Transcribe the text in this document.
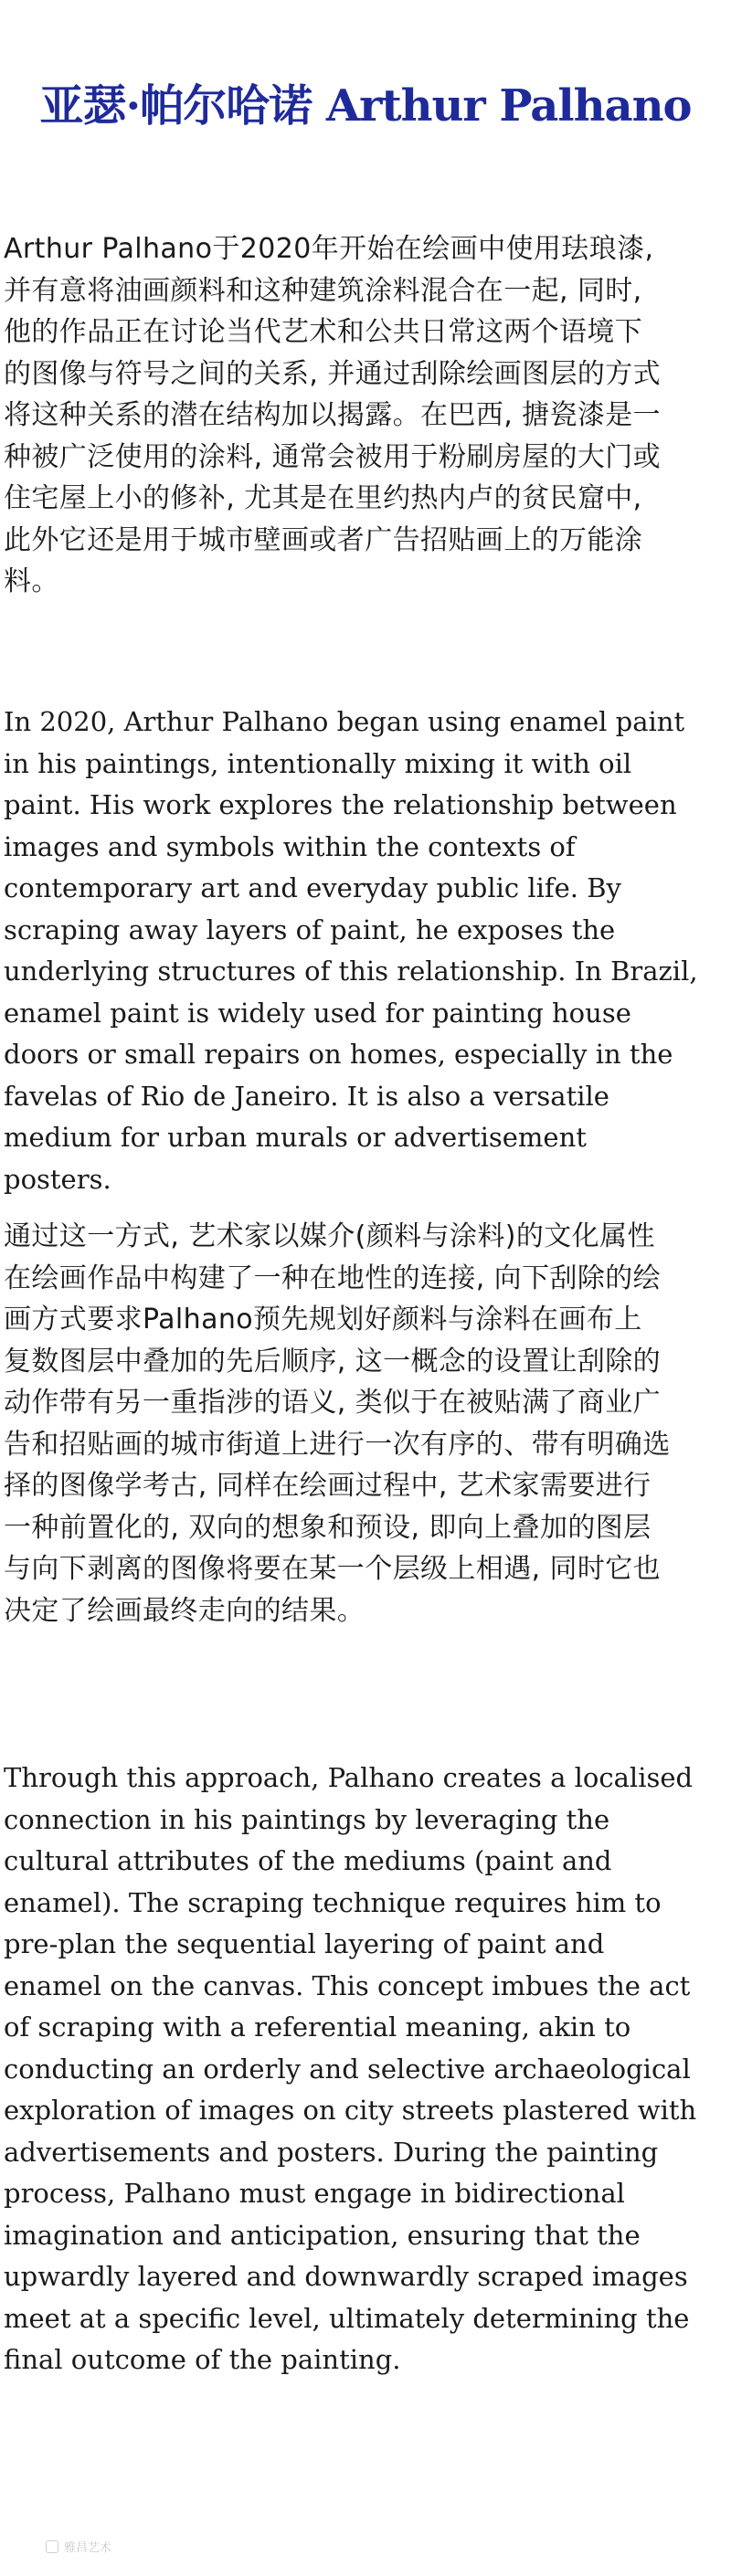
亚瑟·帕尔哈诺 Arthur Palhano
Arthur Palhano于2020年开始在绘画中使用珐琅漆,
并有意将油画颜料和这种建筑涂料混合在一起, 同时,
他的作品正在讨论当代艺术和公共日常这两个语境下
的图像与符号之间的关系, 并通过刮除绘画图层的方式
将这种关系的潜在结构加以揭露。在巴西, 搪瓷漆是一
种被广泛使用的涂料, 通常会被用于粉刷房屋的大门或
住宅屋上小的修补, 尤其是在里约热内卢的贫民窟中,
此外它还是用于城市壁画或者广告招贴画上的万能涂
料。
In 2020, Arthur Palhano began using enamel paint
in his paintings, intentionally mixing it with oil
paint. His work explores the relationship between
images and symbols within the contexts of
contemporary art and everyday public life. By
scraping away layers of paint, he exposes the
underlying structures of this relationship. In Brazil,
enamel paint is widely used for painting house
doors or small repairs on homes, especially in the
favelas of Rio de Janeiro. It is also a versatile
medium for urban murals or advertisement
posters.
通过这一方式, 艺术家以媒介(颜料与涂料)的文化属性
在绘画作品中构建了一种在地性的连接, 向下刮除的绘
画方式要求Palhano预先规划好颜料与涂料在画布上
复数图层中叠加的先后顺序, 这一概念的设置让刮除的
动作带有另一重指涉的语义, 类似于在被贴满了商业广
告和招贴画的城市街道上进行一次有序的、带有明确选
择的图像学考古, 同样在绘画过程中, 艺术家需要进行
一种前置化的, 双向的想象和预设, 即向上叠加的图层
与向下剥离的图像将要在某一个层级上相遇, 同时它也
决定了绘画最终走向的结果。
Through this approach, Palhano creates a localised
connection in his paintings by leveraging the
cultural attributes of the mediums (paint and
enamel). The scraping technique requires him to
pre-plan the sequential layering of paint and
enamel on the canvas. This concept imbues the act
of scraping with a referential meaning, akin to
conducting an orderly and selective archaeological
exploration of images on city streets plastered with
advertisements and posters. During the painting
process, Palhano must engage in bidirectional
imagination and anticipation, ensuring that the
upwardly layered and downwardly scraped images
meet at a specific level, ultimately determining the
final outcome of the painting.
雅昌艺术
